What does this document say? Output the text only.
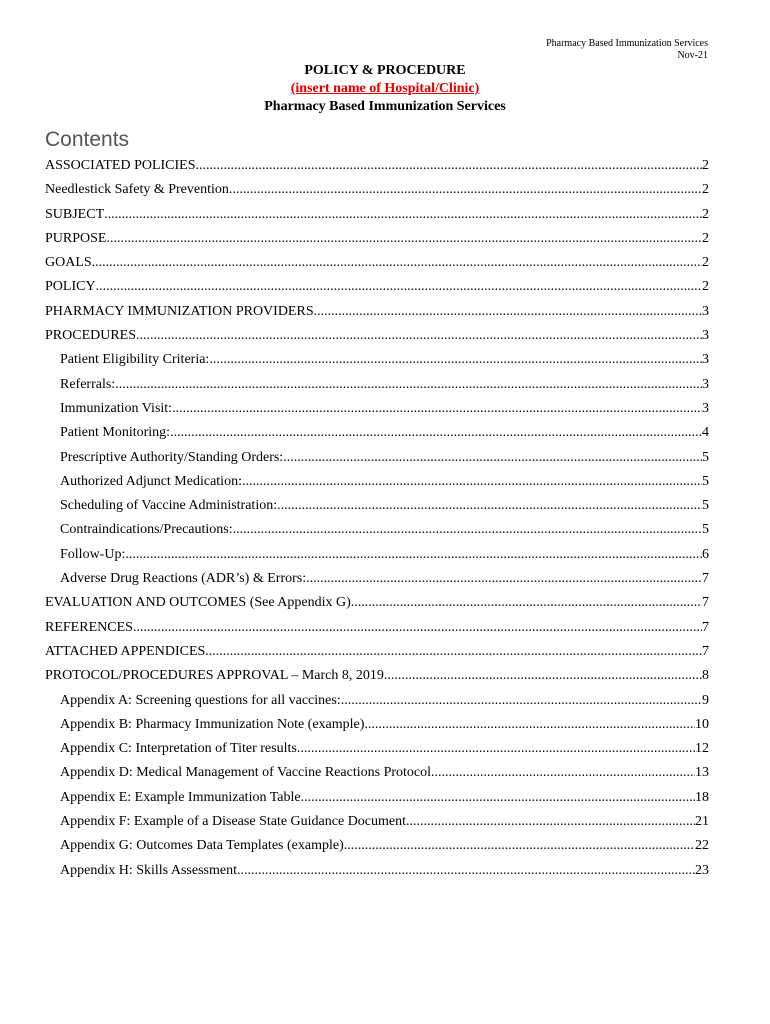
Pharmacy Based Immunization Services
Nov-21
POLICY & PROCEDURE
(insert name of Hospital/Clinic)
Pharmacy Based Immunization Services
Contents
ASSOCIATED POLICIES .....	2
Needlestick Safety & Prevention .....	2
SUBJECT .....	2
PURPOSE .....	2
GOALS .....	2
POLICY .....	2
PHARMACY IMMUNIZATION PROVIDERS .....	3
PROCEDURES .....	3
Patient Eligibility Criteria: .....	3
Referrals: .....	3
Immunization Visit: .....	3
Patient Monitoring: .....	4
Prescriptive Authority/Standing Orders: .....	5
Authorized Adjunct Medication: .....	5
Scheduling of Vaccine Administration: .....	5
Contraindications/Precautions: .....	5
Follow-Up: .....	6
Adverse Drug Reactions (ADR’s) & Errors: .....	7
EVALUATION AND OUTCOMES (See Appendix G) .....	7
REFERENCES .....	7
ATTACHED APPENDICES .....	7
PROTOCOL/PROCEDURES APPROVAL – March 8, 2019 .....	8
Appendix A: Screening questions for all vaccines: .....	9
Appendix B: Pharmacy Immunization Note (example) .....	10
Appendix C: Interpretation of Titer results .....	12
Appendix D: Medical Management of Vaccine Reactions Protocol .....	13
Appendix E: Example Immunization Table .....	18
Appendix F: Example of a Disease State Guidance Document .....	21
Appendix G: Outcomes Data Templates (example) .....	22
Appendix H: Skills Assessment .....	23
